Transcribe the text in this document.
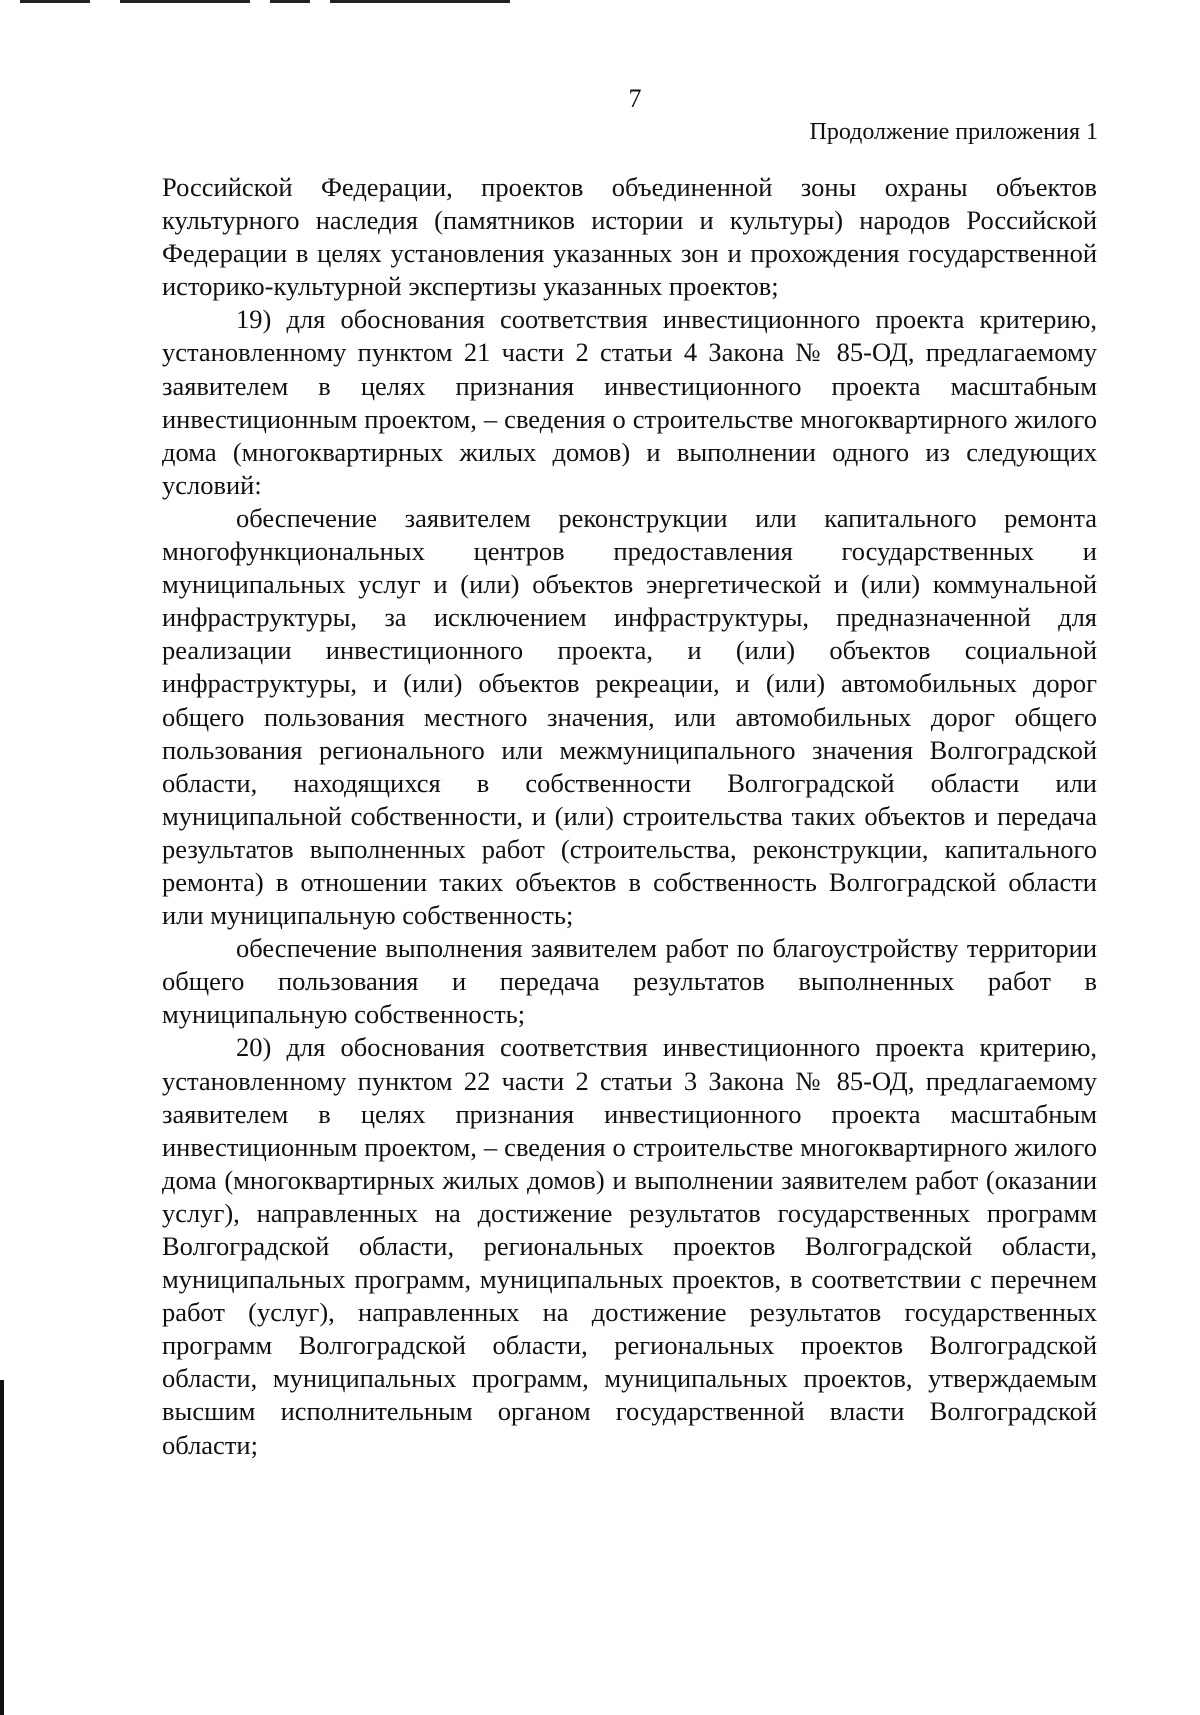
7
Продолжение приложения 1

Российской Федерации, проектов объединенной зоны охраны объектов культурного наследия (памятников истории и культуры) народов Российской Федерации в целях установления указанных зон и прохождения государственной историко-культурной экспертизы указанных проектов;

19) для обоснования соответствия инвестиционного проекта критерию, установленному пунктом 21 части 2 статьи 4 Закона № 85-ОД, предлагаемому заявителем в целях признания инвестиционного проекта масштабным инвестиционным проектом, – сведения о строительстве многоквартирного жилого дома (многоквартирных жилых домов) и выполнении одного из следующих условий:

обеспечение заявителем реконструкции или капитального ремонта многофункциональных центров предоставления государственных и муниципальных услуг и (или) объектов энергетической и (или) коммунальной инфраструктуры, за исключением инфраструктуры, предназначенной для реализации инвестиционного проекта, и (или) объектов социальной инфраструктуры, и (или) объектов рекреации, и (или) автомобильных дорог общего пользования местного значения, или автомобильных дорог общего пользования регионального или межмуниципального значения Волгоградской области, находящихся в собственности Волгоградской области или муниципальной собственности, и (или) строительства таких объектов и передача результатов выполненных работ (строительства, реконструкции, капитального ремонта) в отношении таких объектов в собственность Волгоградской области или муниципальную собственность;

обеспечение выполнения заявителем работ по благоустройству территории общего пользования и передача результатов выполненных работ в муниципальную собственность;

20) для обоснования соответствия инвестиционного проекта критерию, установленному пунктом 22 части 2 статьи 3 Закона № 85-ОД, предлагаемому заявителем в целях признания инвестиционного проекта масштабным инвестиционным проектом, – сведения о строительстве многоквартирного жилого дома (многоквартирных жилых домов) и выполнении заявителем работ (оказании услуг), направленных на достижение результатов государственных программ Волгоградской области, региональных проектов Волгоградской области, муниципальных программ, муниципальных проектов, в соответствии с перечнем работ (услуг), направленных на достижение результатов государственных программ Волгоградской области, региональных проектов Волгоградской области, муниципальных программ, муниципальных проектов, утверждаемым высшим исполнительным органом государственной власти Волгоградской области;
